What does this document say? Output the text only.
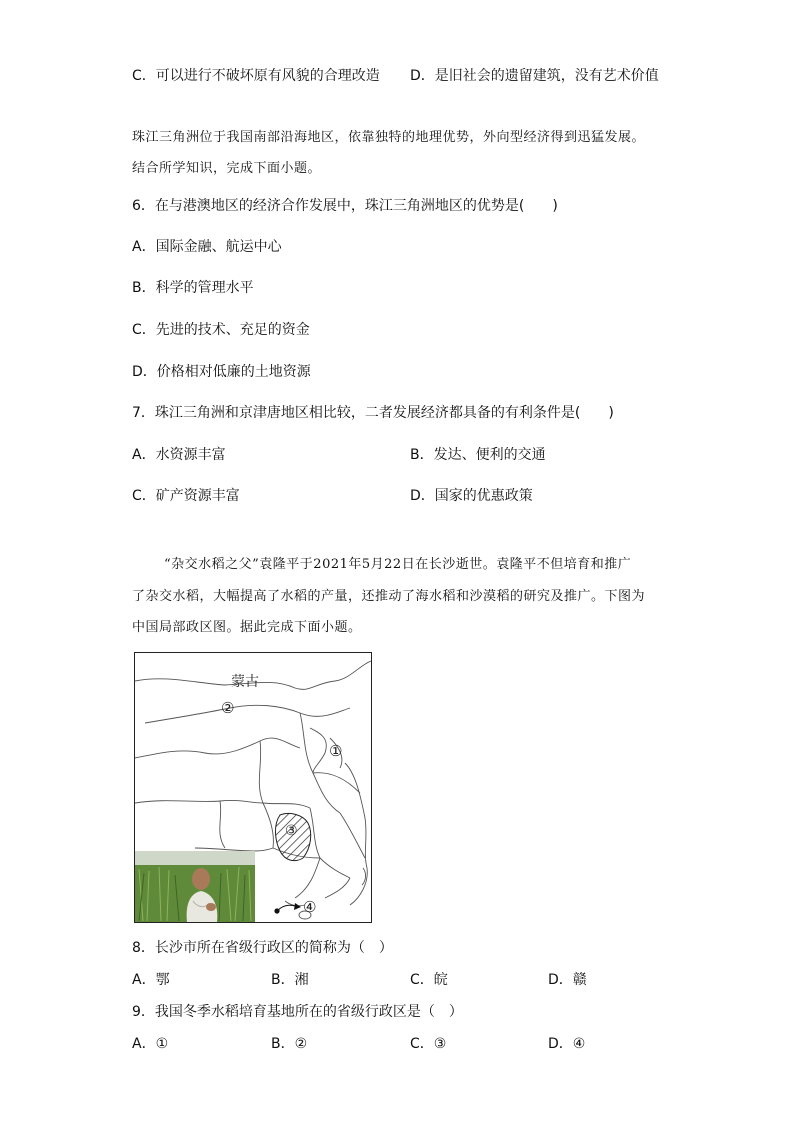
C．可以进行不破坏原有风貌的合理改造 D．是旧社会的遗留建筑，没有艺术价值
珠江三角洲位于我国南部沿海地区，依靠独特的地理优势，外向型经济得到迅猛发展。
结合所学知识，完成下面小题。
6．在与港澳地区的经济合作发展中，珠江三角洲地区的优势是(　　)
A．国际金融、航运中心
B．科学的管理水平
C．先进的技术、充足的资金
D．价格相对低廉的土地资源
7．珠江三角洲和京津唐地区相比较，二者发展经济都具备的有利条件是(　　)
A．水资源丰富	B．发达、便利的交通
C．矿产资源丰富	D．国家的优惠政策
“杂交水稻之父”袁隆平于2021年5月22日在长沙逝世。袁隆平不但培育和推广
了杂交水稻，大幅提高了水稻的产量，还推动了海水稻和沙漠稻的研究及推广。下图为
中国局部政区图。据此完成下面小题。
蒙古
②
①
③
④
8．长沙市所在省级行政区的简称为（　）
A．鄂	B．湘	C．皖	D．赣
9．我国冬季水稻培育基地所在的省级行政区是（　）
A．①	B．②	C．③	D．④
